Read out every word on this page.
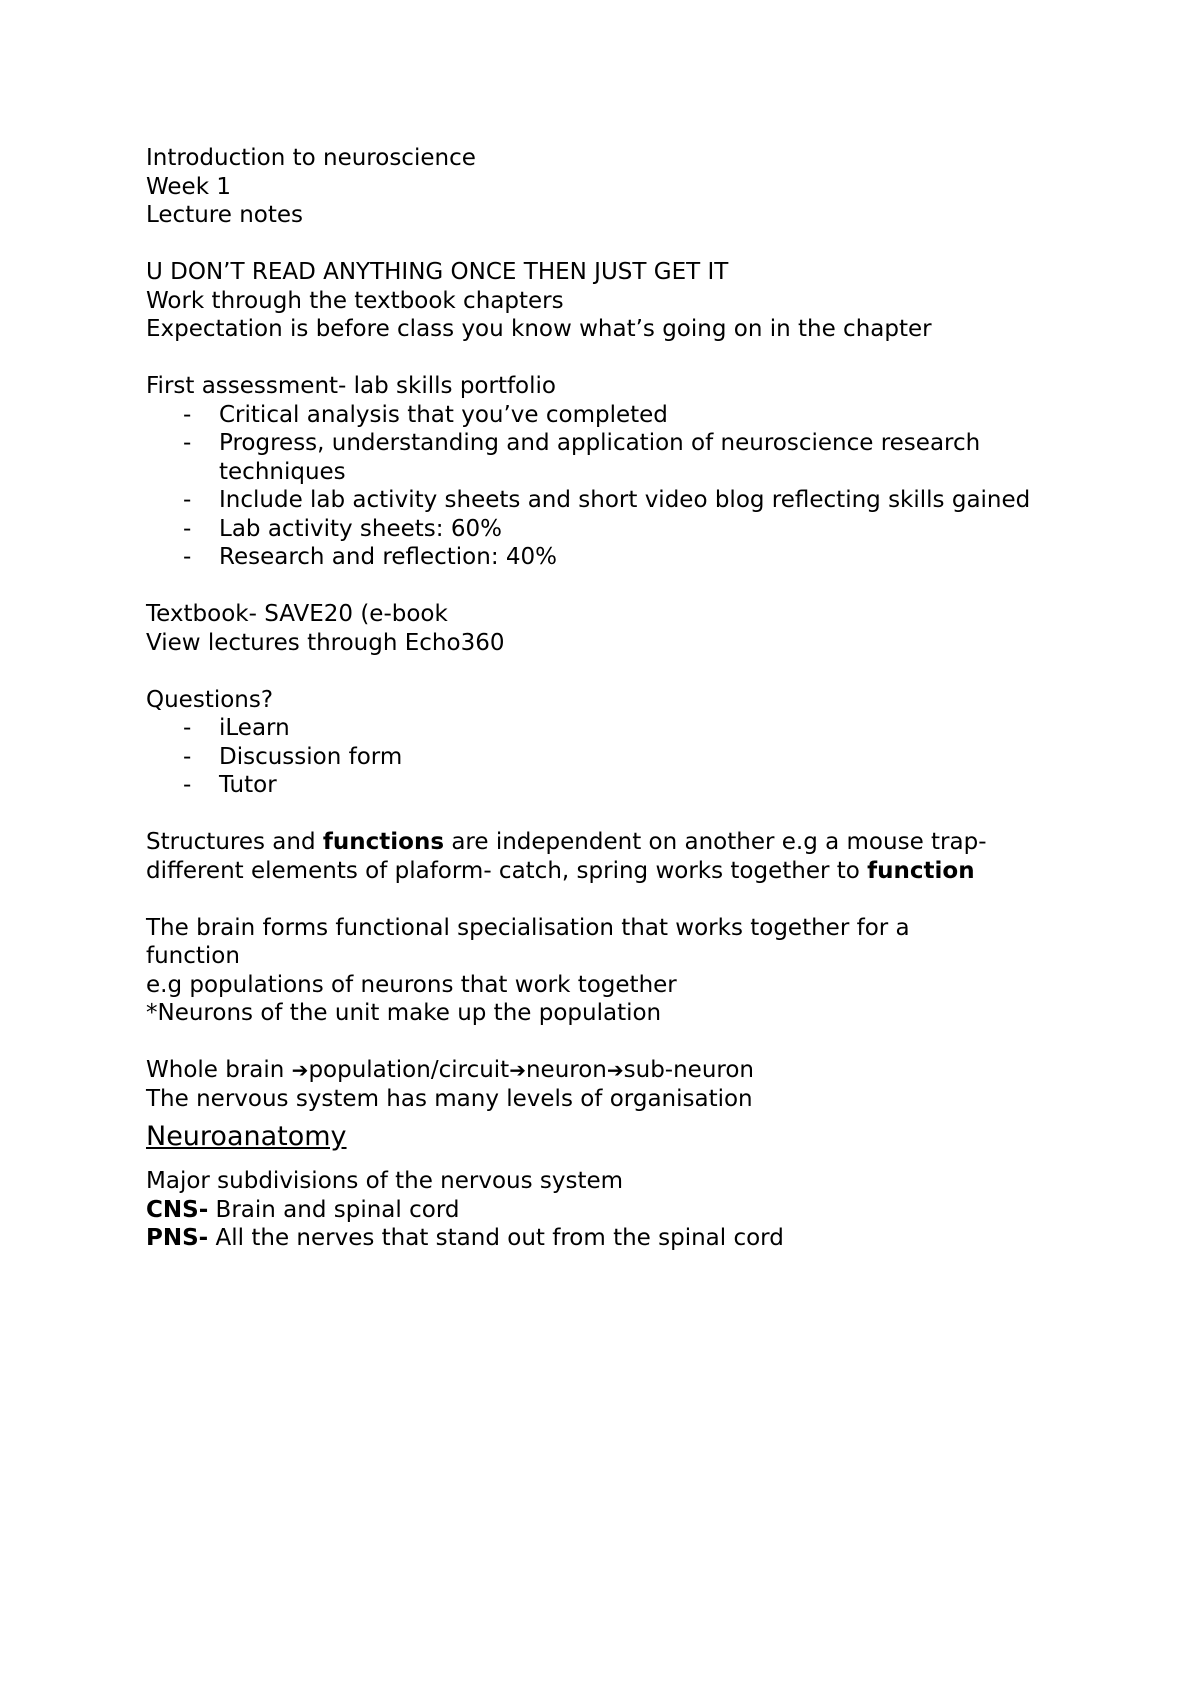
Introduction to neuroscience
Week 1
Lecture notes
U DON’T READ ANYTHING ONCE THEN JUST GET IT
Work through the textbook chapters
Expectation is before class you know what’s going on in the chapter
First assessment- lab skills portfolio
- Critical analysis that you’ve completed
- Progress, understanding and application of neuroscience research techniques
- Include lab activity sheets and short video blog reflecting skills gained
- Lab activity sheets: 60%
- Research and reflection: 40%
Textbook- SAVE20 (e-book
View lectures through Echo360
Questions?
- iLearn
- Discussion form
- Tutor
Structures and functions are independent on another e.g a mouse trap-
different elements of plaform- catch, spring works together to function
The brain forms functional specialisation that works together for a function
e.g populations of neurons that work together
*Neurons of the unit make up the population
Whole brain ➔population/circuit➔neuron➔sub-neuron
The nervous system has many levels of organisation
Neuroanatomy
Major subdivisions of the nervous system
CNS- Brain and spinal cord
PNS- All the nerves that stand out from the spinal cord
